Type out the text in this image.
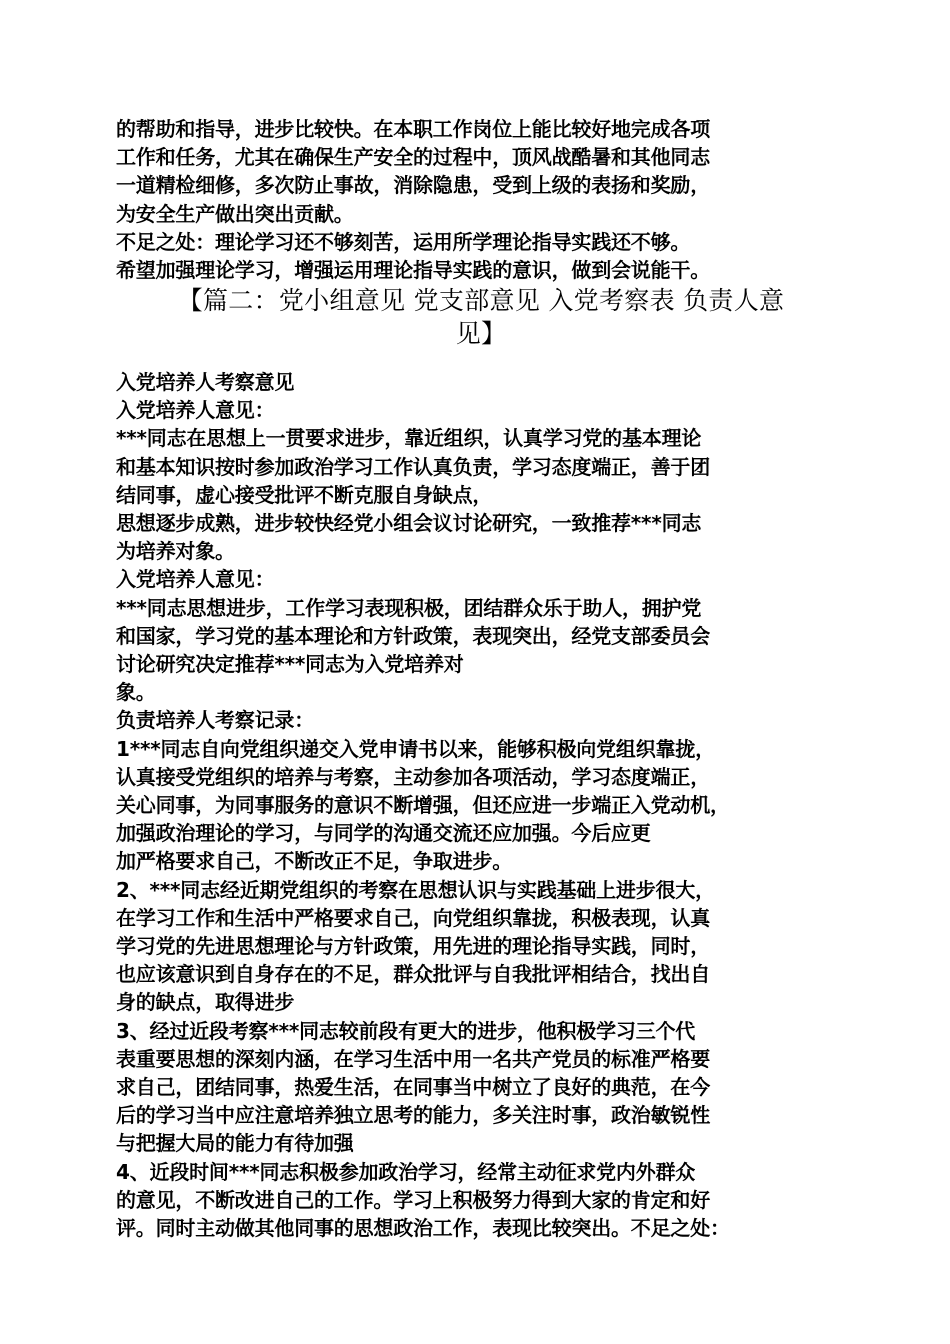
的帮助和指导，进步比较快。在本职工作岗位上能比较好地完成各项
工作和任务，尤其在确保生产安全的过程中，顶风战酷暑和其他同志
一道精检细修，多次防止事故，消除隐患，受到上级的表扬和奖励，
为安全生产做出突出贡献。
不足之处：理论学习还不够刻苦，运用所学理论指导实践还不够。
希望加强理论学习，增强运用理论指导实践的意识，做到会说能干。
【篇二：党小组意见 党支部意见 入党考察表 负责人意
见】
入党培养人考察意见
入党培养人意见：
***同志在思想上一贯要求进步，靠近组织，认真学习党的基本理论
和基本知识按时参加政治学习工作认真负责，学习态度端正，善于团
结同事，虚心接受批评不断克服自身缺点，
思想逐步成熟，进步较快经党小组会议讨论研究，一致推荐***同志
为培养对象。
入党培养人意见：
***同志思想进步，工作学习表现积极，团结群众乐于助人，拥护党
和国家，学习党的基本理论和方针政策，表现突出，经党支部委员会
讨论研究决定推荐***同志为入党培养对
象。
负责培养人考察记录：
1***同志自向党组织递交入党申请书以来，能够积极向党组织靠拢，
认真接受党组织的培养与考察，主动参加各项活动，学习态度端正，
关心同事，为同事服务的意识不断增强，但还应进一步端正入党动机，
加强政治理论的学习，与同学的沟通交流还应加强。今后应更
加严格要求自己，不断改正不足，争取进步。
2、***同志经近期党组织的考察在思想认识与实践基础上进步很大，
在学习工作和生活中严格要求自己，向党组织靠拢，积极表现，认真
学习党的先进思想理论与方针政策，用先进的理论指导实践，同时，
也应该意识到自身存在的不足，群众批评与自我批评相结合，找出自
身的缺点，取得进步
3、经过近段考察***同志较前段有更大的进步，他积极学习三个代
表重要思想的深刻内涵，在学习生活中用一名共产党员的标准严格要
求自己，团结同事，热爱生活，在同事当中树立了良好的典范，在今
后的学习当中应注意培养独立思考的能力，多关注时事，政治敏锐性
与把握大局的能力有待加强
4、近段时间***同志积极参加政治学习，经常主动征求党内外群众
的意见，不断改进自己的工作。学习上积极努力得到大家的肯定和好
评。同时主动做其他同事的思想政治工作，表现比较突出。不足之处：
